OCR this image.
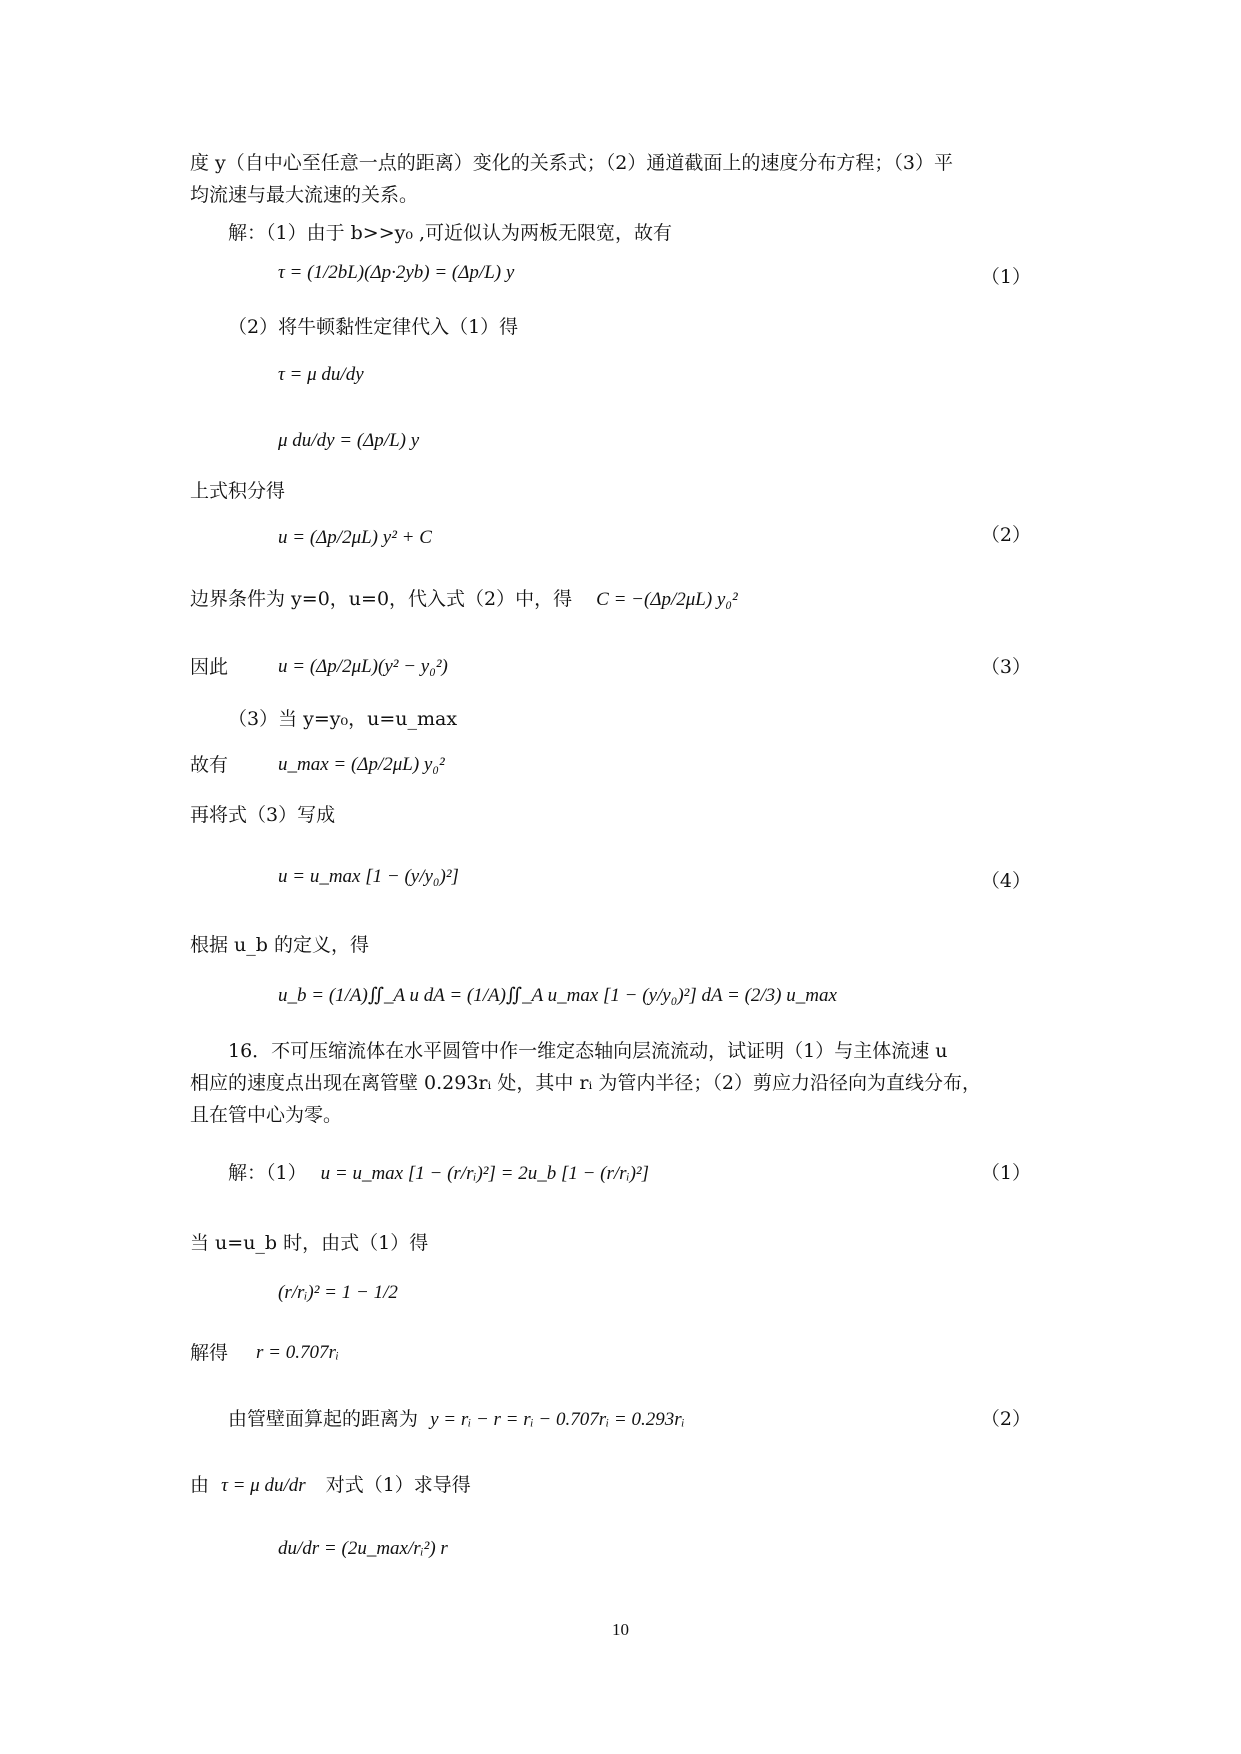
度 y（自中心至任意一点的距离）变化的关系式；（2）通道截面上的速度分布方程；（3）平
均流速与最大流速的关系。
解：（1）由于 b>>y₀ ,可近似认为两板无限宽，故有
τ = (1/2bL)(Δp·2yb) = (Δp/L) y	（1）
（2）将牛顿黏性定律代入（1）得
τ = μ du/dy
μ du/dy = (Δp/L) y
上式积分得
u = (Δp/2μL) y² + C	（2）
边界条件为 y=0，u=0，代入式（2）中，得 C = −(Δp/2μL) y₀²
因此	u = (Δp/2μL)(y² − y₀²)	（3）
（3）当 y=y₀，u=u_max
故有	u_max = (Δp/2μL) y₀²
再将式（3）写成
u = u_max [1 − (y/y₀)²]	（4）
根据 u_b 的定义，得
u_b = (1/A)∬_A u dA = (1/A)∬_A u_max [1 − (y/y₀)²] dA = (2/3) u_max
16．不可压缩流体在水平圆管中作一维定态轴向层流流动，试证明（1）与主体流速 u
相应的速度点出现在离管壁 0.293rᵢ 处，其中 rᵢ 为管内半径；（2）剪应力沿径向为直线分布，
且在管中心为零。
解：（1） u = u_max [1 − (r/rᵢ)²] = 2u_b [1 − (r/rᵢ)²]	（1）
当 u=u_b 时，由式（1）得
(r/rᵢ)² = 1 − 1/2
解得 r = 0.707rᵢ
由管壁面算起的距离为 y = rᵢ − r = rᵢ − 0.707rᵢ = 0.293rᵢ	（2）
由 τ = μ du/dr 对式（1）求导得
du/dr = (2u_max/rᵢ²) r
10
